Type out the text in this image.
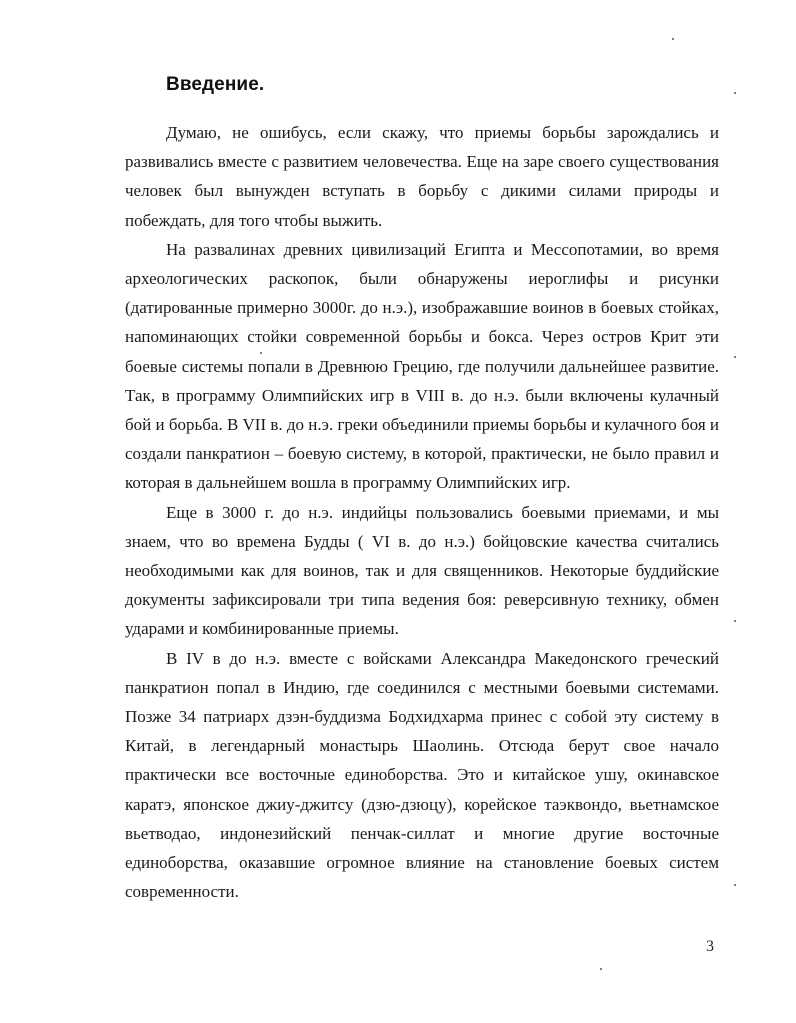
Введение.

Думаю, не ошибусь, если скажу, что приемы борьбы зарождались и развивались вместе с развитием человечества. Еще на заре своего существования человек был вынужден вступать в борьбу с дикими силами природы и побеждать, для того чтобы выжить.

На развалинах древних цивилизаций Египта и Мессопотамии, во время археологических раскопок, были обнаружены иероглифы и рисунки (датированные примерно 3000г. до н.э.), изображавшие воинов в боевых стойках, напоминающих стойки современной борьбы и бокса. Через остров Крит эти боевые системы попали в Древнюю Грецию, где получили дальнейшее развитие. Так, в программу Олимпийских игр в VIII в. до н.э. были включены кулачный бой и борьба. В VII в. до н.э. греки объединили приемы борьбы и кулачного боя и создали панкратион – боевую систему, в которой, практически, не было правил и которая в дальнейшем вошла в программу Олимпийских игр.

Еще в 3000 г. до н.э. индийцы пользовались боевыми приемами, и мы знаем, что во времена Будды ( VI в. до н.э.) бойцовские качества считались необходимыми как для воинов, так и для священников. Некоторые буддийские документы зафиксировали три типа ведения боя: реверсивную технику, обмен ударами и комбинированные приемы.

В IV в до н.э. вместе с войсками Александра Македонского греческий панкратион попал в Индию, где соединился с местными боевыми системами. Позже 34 патриарх дзэн-буддизма Бодхидхарма принес с собой эту систему в Китай, в легендарный монастырь Шаолинь. Отсюда берут свое начало практически все восточные единоборства. Это и китайское ушу, окинавское каратэ, японское джиу-джитсу (дзю-дзюцу), корейское таэквондо, вьетнамское вьетводао, индонезийский пенчак-силлат и многие другие восточные единоборства, оказавшие огромное влияние на становление боевых систем современности.

3
